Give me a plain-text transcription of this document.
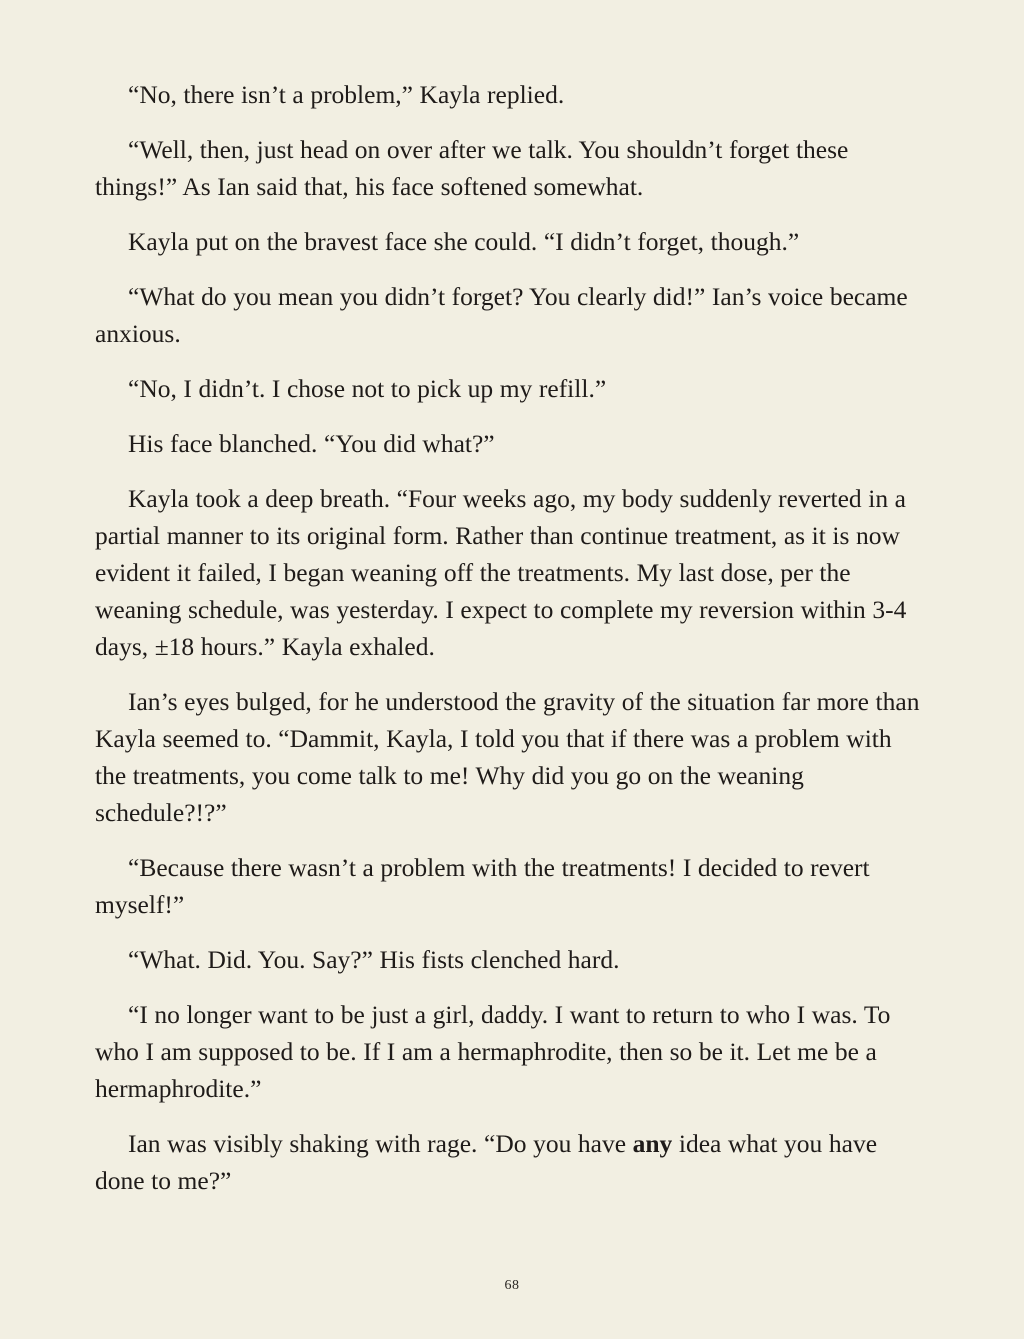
“No, there isn’t a problem,” Kayla replied.

“Well, then, just head on over after we talk. You shouldn’t forget these things!” As Ian said that, his face softened somewhat.

Kayla put on the bravest face she could. “I didn’t forget, though.”

“What do you mean you didn’t forget? You clearly did!” Ian’s voice became anxious.

“No, I didn’t. I chose not to pick up my refill.”

His face blanched. “You did what?”

Kayla took a deep breath. “Four weeks ago, my body suddenly reverted in a partial manner to its original form. Rather than continue treatment, as it is now evident it failed, I began weaning off the treatments. My last dose, per the weaning schedule, was yesterday. I expect to complete my reversion within 3-4 days, ±18 hours.” Kayla exhaled.

Ian’s eyes bulged, for he understood the gravity of the situation far more than Kayla seemed to. “Dammit, Kayla, I told you that if there was a problem with the treatments, you come talk to me! Why did you go on the weaning schedule?!?”

“Because there wasn’t a problem with the treatments! I decided to revert myself!”

“What. Did. You. Say?” His fists clenched hard.

“I no longer want to be just a girl, daddy. I want to return to who I was. To who I am supposed to be. If I am a hermaphrodite, then so be it. Let me be a hermaphrodite.”

Ian was visibly shaking with rage. “Do you have any idea what you have done to me?”

68
